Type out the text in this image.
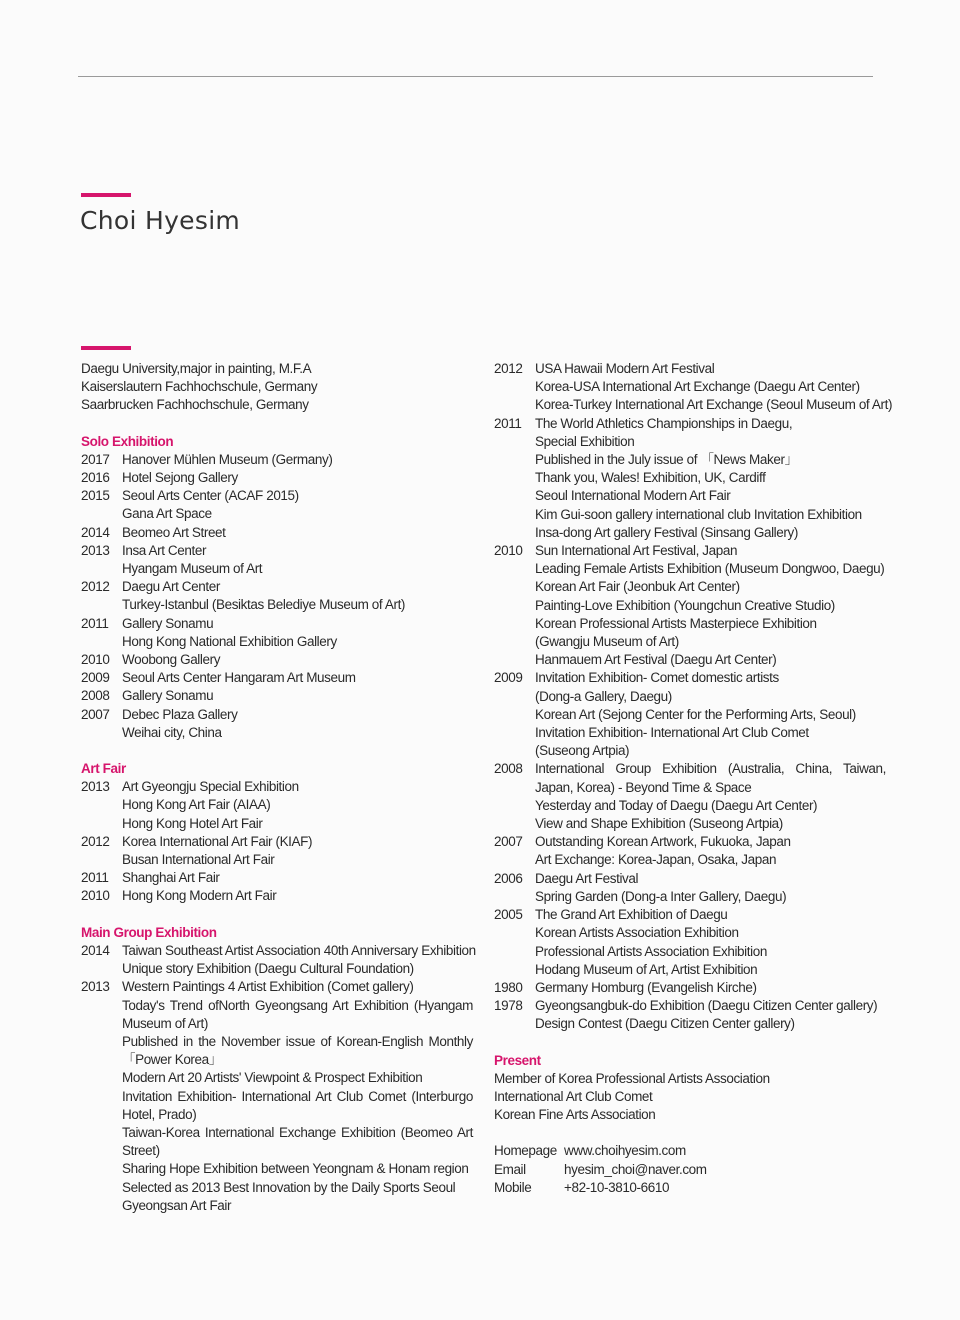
Choi Hyesim
Daegu University,major in painting, M.F.A
Kaiserslautern Fachhochschule, Germany
Saarbrucken Fachhochschule, Germany
Solo Exhibition
2017 Hanover Mühlen Museum (Germany)
2016 Hotel Sejong Gallery
2015 Seoul Arts Center (ACAF 2015)
Gana Art Space
2014 Beomeo Art Street
2013 Insa Art Center
Hyangam Museum of Art
2012 Daegu Art Center
Turkey-Istanbul (Besiktas Belediye Museum of Art)
2011	Gallery Sonamu
Hong Kong National Exhibition Gallery
2010 Woobong Gallery
2009 Seoul Arts Center Hangaram Art Museum
2008 Gallery Sonamu
2007 Debec Plaza Gallery
Weihai city, China
Art Fair
2013 Art Gyeongju Special Exhibition
Hong Kong Art Fair (AIAA)
Hong Kong Hotel Art Fair
2012 Korea International Art Fair (KIAF)
Busan International Art Fair
2011	Shanghai Art Fair
2010 Hong Kong Modern Art Fair
Main Group Exhibition
2014 Taiwan Southeast Artist Association 40th Anniversary Exhibition
Unique story Exhibition (Daegu Cultural Foundation)
2013 Western Paintings 4 Artist Exhibition (Comet gallery)
Today's Trend ofNorth Gyeongsang Art Exhibition (Hyangam Museum of Art)
Published in the November issue of Korean-English Monthly 「Power Korea」
Modern Art 20 Artists' Viewpoint & Prospect Exhibition
Invitation Exhibition- International Art Club Comet (Interburgo Hotel, Prado)
Taiwan-Korea International Exchange Exhibition (Beomeo Art Street)
Sharing Hope Exhibition between Yeongnam & Honam region
Selected as 2013 Best Innovation by the Daily Sports Seoul
Gyeongsan Art Fair
2012 USA Hawaii Modern Art Festival
Korea-USA International Art Exchange (Daegu Art Center)
Korea-Turkey International Art Exchange (Seoul Museum of Art)
2011	The World Athletics Championships in Daegu,
Special Exhibition
Published in the July issue of 「News Maker」
Thank you, Wales! Exhibition, UK, Cardiff
Seoul International Modern Art Fair
Kim Gui-soon gallery international club Invitation Exhibition
Insa-dong Art gallery Festival (Sinsang Gallery)
2010 Sun International Art Festival, Japan
Leading Female Artists Exhibition (Museum Dongwoo, Daegu)
Korean Art Fair (Jeonbuk Art Center)
Painting-Love Exhibition (Youngchun Creative Studio)
Korean Professional Artists Masterpiece Exhibition
(Gwangju Museum of Art)
Hanmauem Art Festival (Daegu Art Center)
2009 Invitation Exhibition- Comet domestic artists
(Dong-a Gallery, Daegu)
Korean Art (Sejong Center for the Performing Arts, Seoul)
Invitation Exhibition- International Art Club Comet
(Suseong Artpia)
2008 International Group Exhibition (Australia, China, Taiwan, Japan, Korea) - Beyond Time & Space
Yesterday and Today of Daegu (Daegu Art Center)
View and Shape Exhibition (Suseong Artpia)
2007 Outstanding Korean Artwork, Fukuoka, Japan
Art Exchange: Korea-Japan, Osaka, Japan
2006 Daegu Art Festival
Spring Garden (Dong-a Inter Gallery, Daegu)
2005 The Grand Art Exhibition of Daegu
Korean Artists Association Exhibition
Professional Artists Association Exhibition
Hodang Museum of Art, Artist Exhibition
1980 Germany Homburg (Evangelish Kirche)
1978 Gyeongsangbuk-do Exhibition (Daegu Citizen Center gallery)
Design Contest (Daegu Citizen Center gallery)
Present
Member of Korea Professional Artists Association
International Art Club Comet
Korean Fine Arts Association
Homepage www.choihyesim.com
Email	hyesim_choi@naver.com
Mobile	+82-10-3810-6610
